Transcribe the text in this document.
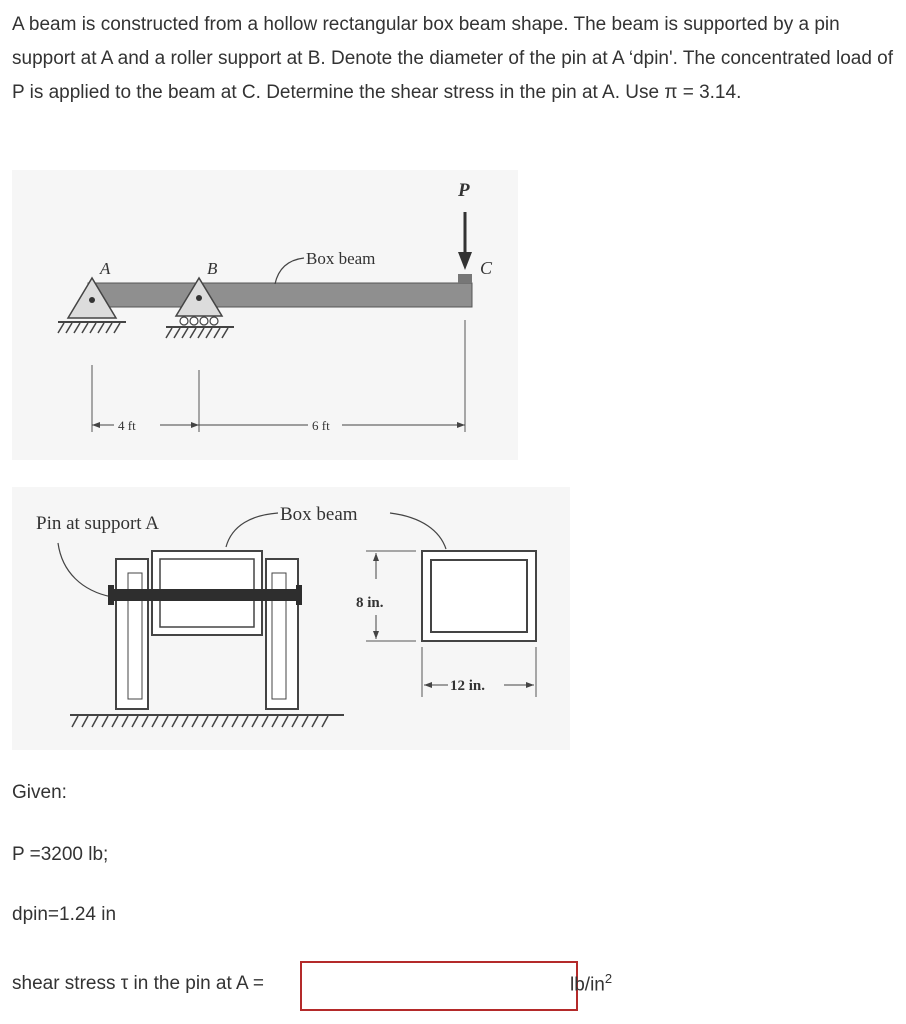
A beam is constructed from a hollow rectangular box beam shape. The beam is supported by a pin support at A and a roller support at B. Denote the diameter of the pin at A ‘dpin'. The concentrated load of P is applied to the beam at C. Determine the shear stress in the pin at A. Use π = 3.14.

P
C
A	B
Box beam
4 ft	6 ft
Pin at support A	Box beam
8 in.
12 in.

Given:

P =3200 lb;

dpin=1.24 in

shear stress τ in the pin at A =	$lb/in^2$
